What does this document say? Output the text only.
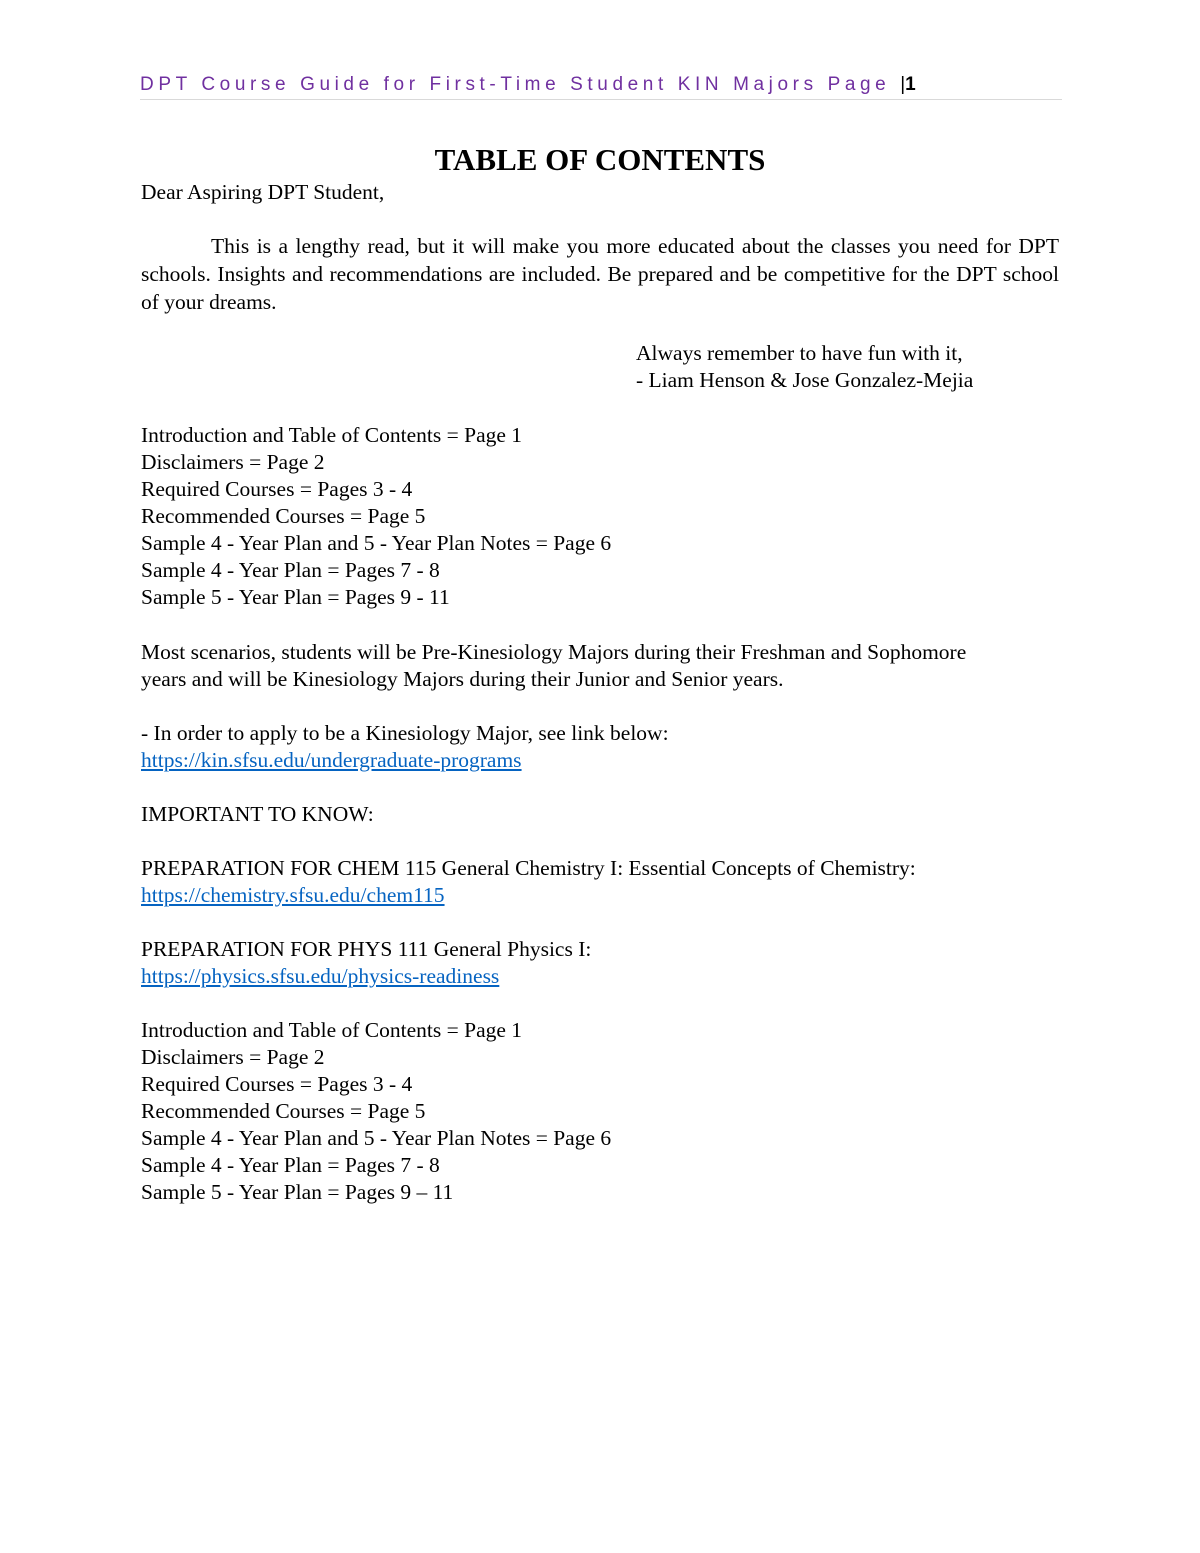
DPT Course Guide for First-Time Student KIN Majors Page |1
TABLE OF CONTENTS
Dear Aspiring DPT Student,
This is a lengthy read, but it will make you more educated about the classes you need for DPT schools. Insights and recommendations are included. Be prepared and be competitive for the DPT school of your dreams.
Always remember to have fun with it,
- Liam Henson & Jose Gonzalez-Mejia
Introduction and Table of Contents = Page 1
Disclaimers = Page 2
Required Courses = Pages 3 - 4
Recommended Courses = Page 5
Sample 4 - Year Plan and 5 - Year Plan Notes = Page 6
Sample 4 - Year Plan = Pages 7 - 8
Sample 5 - Year Plan = Pages 9 - 11
Most scenarios, students will be Pre-Kinesiology Majors during their Freshman and Sophomore
years and will be Kinesiology Majors during their Junior and Senior years.
- In order to apply to be a Kinesiology Major, see link below:
https://kin.sfsu.edu/undergraduate-programs
IMPORTANT TO KNOW:
PREPARATION FOR CHEM 115 General Chemistry I: Essential Concepts of Chemistry:
https://chemistry.sfsu.edu/chem115
PREPARATION FOR PHYS 111 General Physics I:
https://physics.sfsu.edu/physics-readiness
Introduction and Table of Contents = Page 1
Disclaimers = Page 2
Required Courses = Pages 3 - 4
Recommended Courses = Page 5
Sample 4 - Year Plan and 5 - Year Plan Notes = Page 6
Sample 4 - Year Plan = Pages 7 - 8
Sample 5 - Year Plan = Pages 9 – 11
